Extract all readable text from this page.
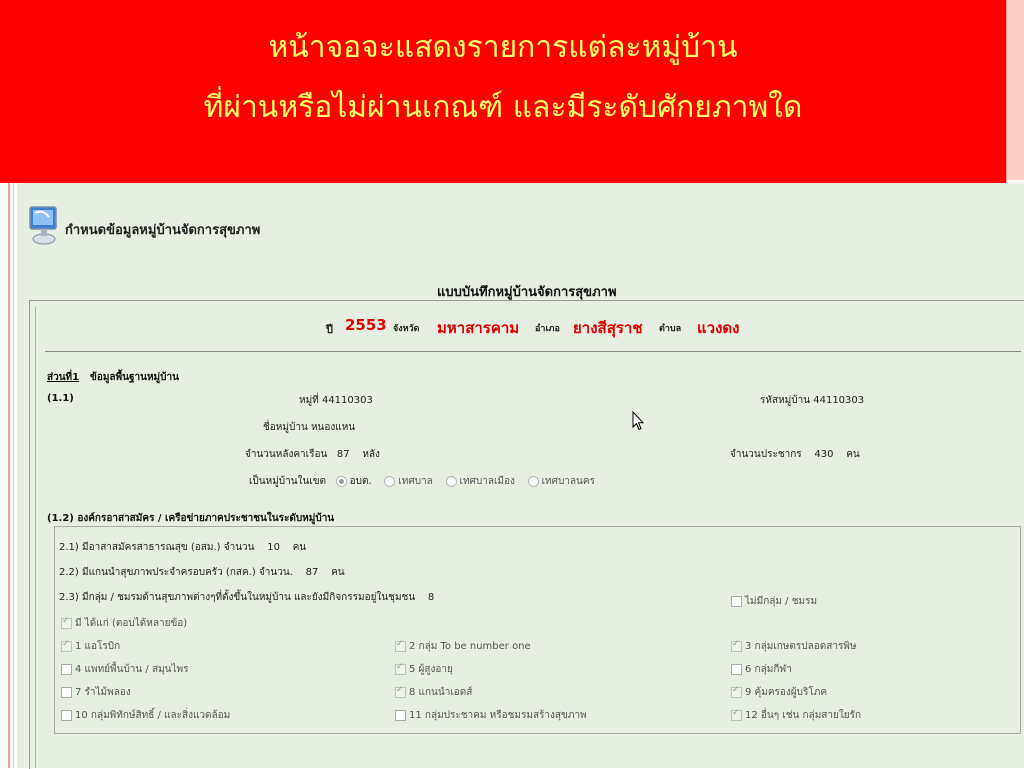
หน้าจอจะแสดงรายการแต่ละหมู่บ้าน
ที่ผ่านหรือไม่ผ่านเกณฑ์ และมีระดับศักยภาพใด
กำหนดข้อมูลหมู่บ้านจัดการสุขภาพ
แบบบันทึกหมู่บ้านจัดการสุขภาพ
ปี 2553 จังหวัด มหาสารคาม อำเภอ ยางสีสุราช ตำบล แวงดง
ส่วนที่1 ข้อมูลพื้นฐานหมู่บ้าน
(1.1)	หมู่ที่ 44110303	รหัสหมู่บ้าน 44110303
ชื่อหมู่บ้าน หนองแหน
จำนวนหลังคาเรือน 87 หลัง	จำนวนประชากร 430 คน
เป็นหมู่บ้านในเขต อบต.	เทศบาล	เทศบาลเมือง	เทศบาลนคร
(1.2) องค์กรอาสาสมัคร / เครือข่ายภาคประชาชนในระดับหมู่บ้าน
2.1) มีอาสาสมัครสาธารณสุข (อสม.) จำนวน 10 คน
2.2) มีแกนนำสุขภาพประจำครอบครัว (กสค.) จำนวน. 87 คน
2.3) มีกลุ่ม / ชมรมด้านสุขภาพต่างๆที่ตั้งขึ้นในหมู่บ้าน และยังมีกิจกรรมอยู่ในชุมชน 8	ไม่มีกลุ่ม / ชมรม
✓มี ได้แก่ (ตอบได้หลายข้อ)
✓1 แอโรบิก ✓	2 กลุ่ม To be number one ✓	3 กลุ่มเกษตรปลอดสารพิษ
4 แพทย์พื้นบ้าน / สมุนไพร ✓	5 ผู้สูงอายุ	6 กลุ่มกีฬา
7 รำไม้พลอง ✓	8 แกนนำเอดส์ ✓	9 คุ้มครองผู้บริโภค
10 กลุ่มพิทักษ์สิทธิ์ / และสิ่งแวดล้อม	11 กลุ่มประชาคม หรือชมรมสร้างสุขภาพ ✓	12 อื่นๆ เช่น กลุ่มสายใยรัก
